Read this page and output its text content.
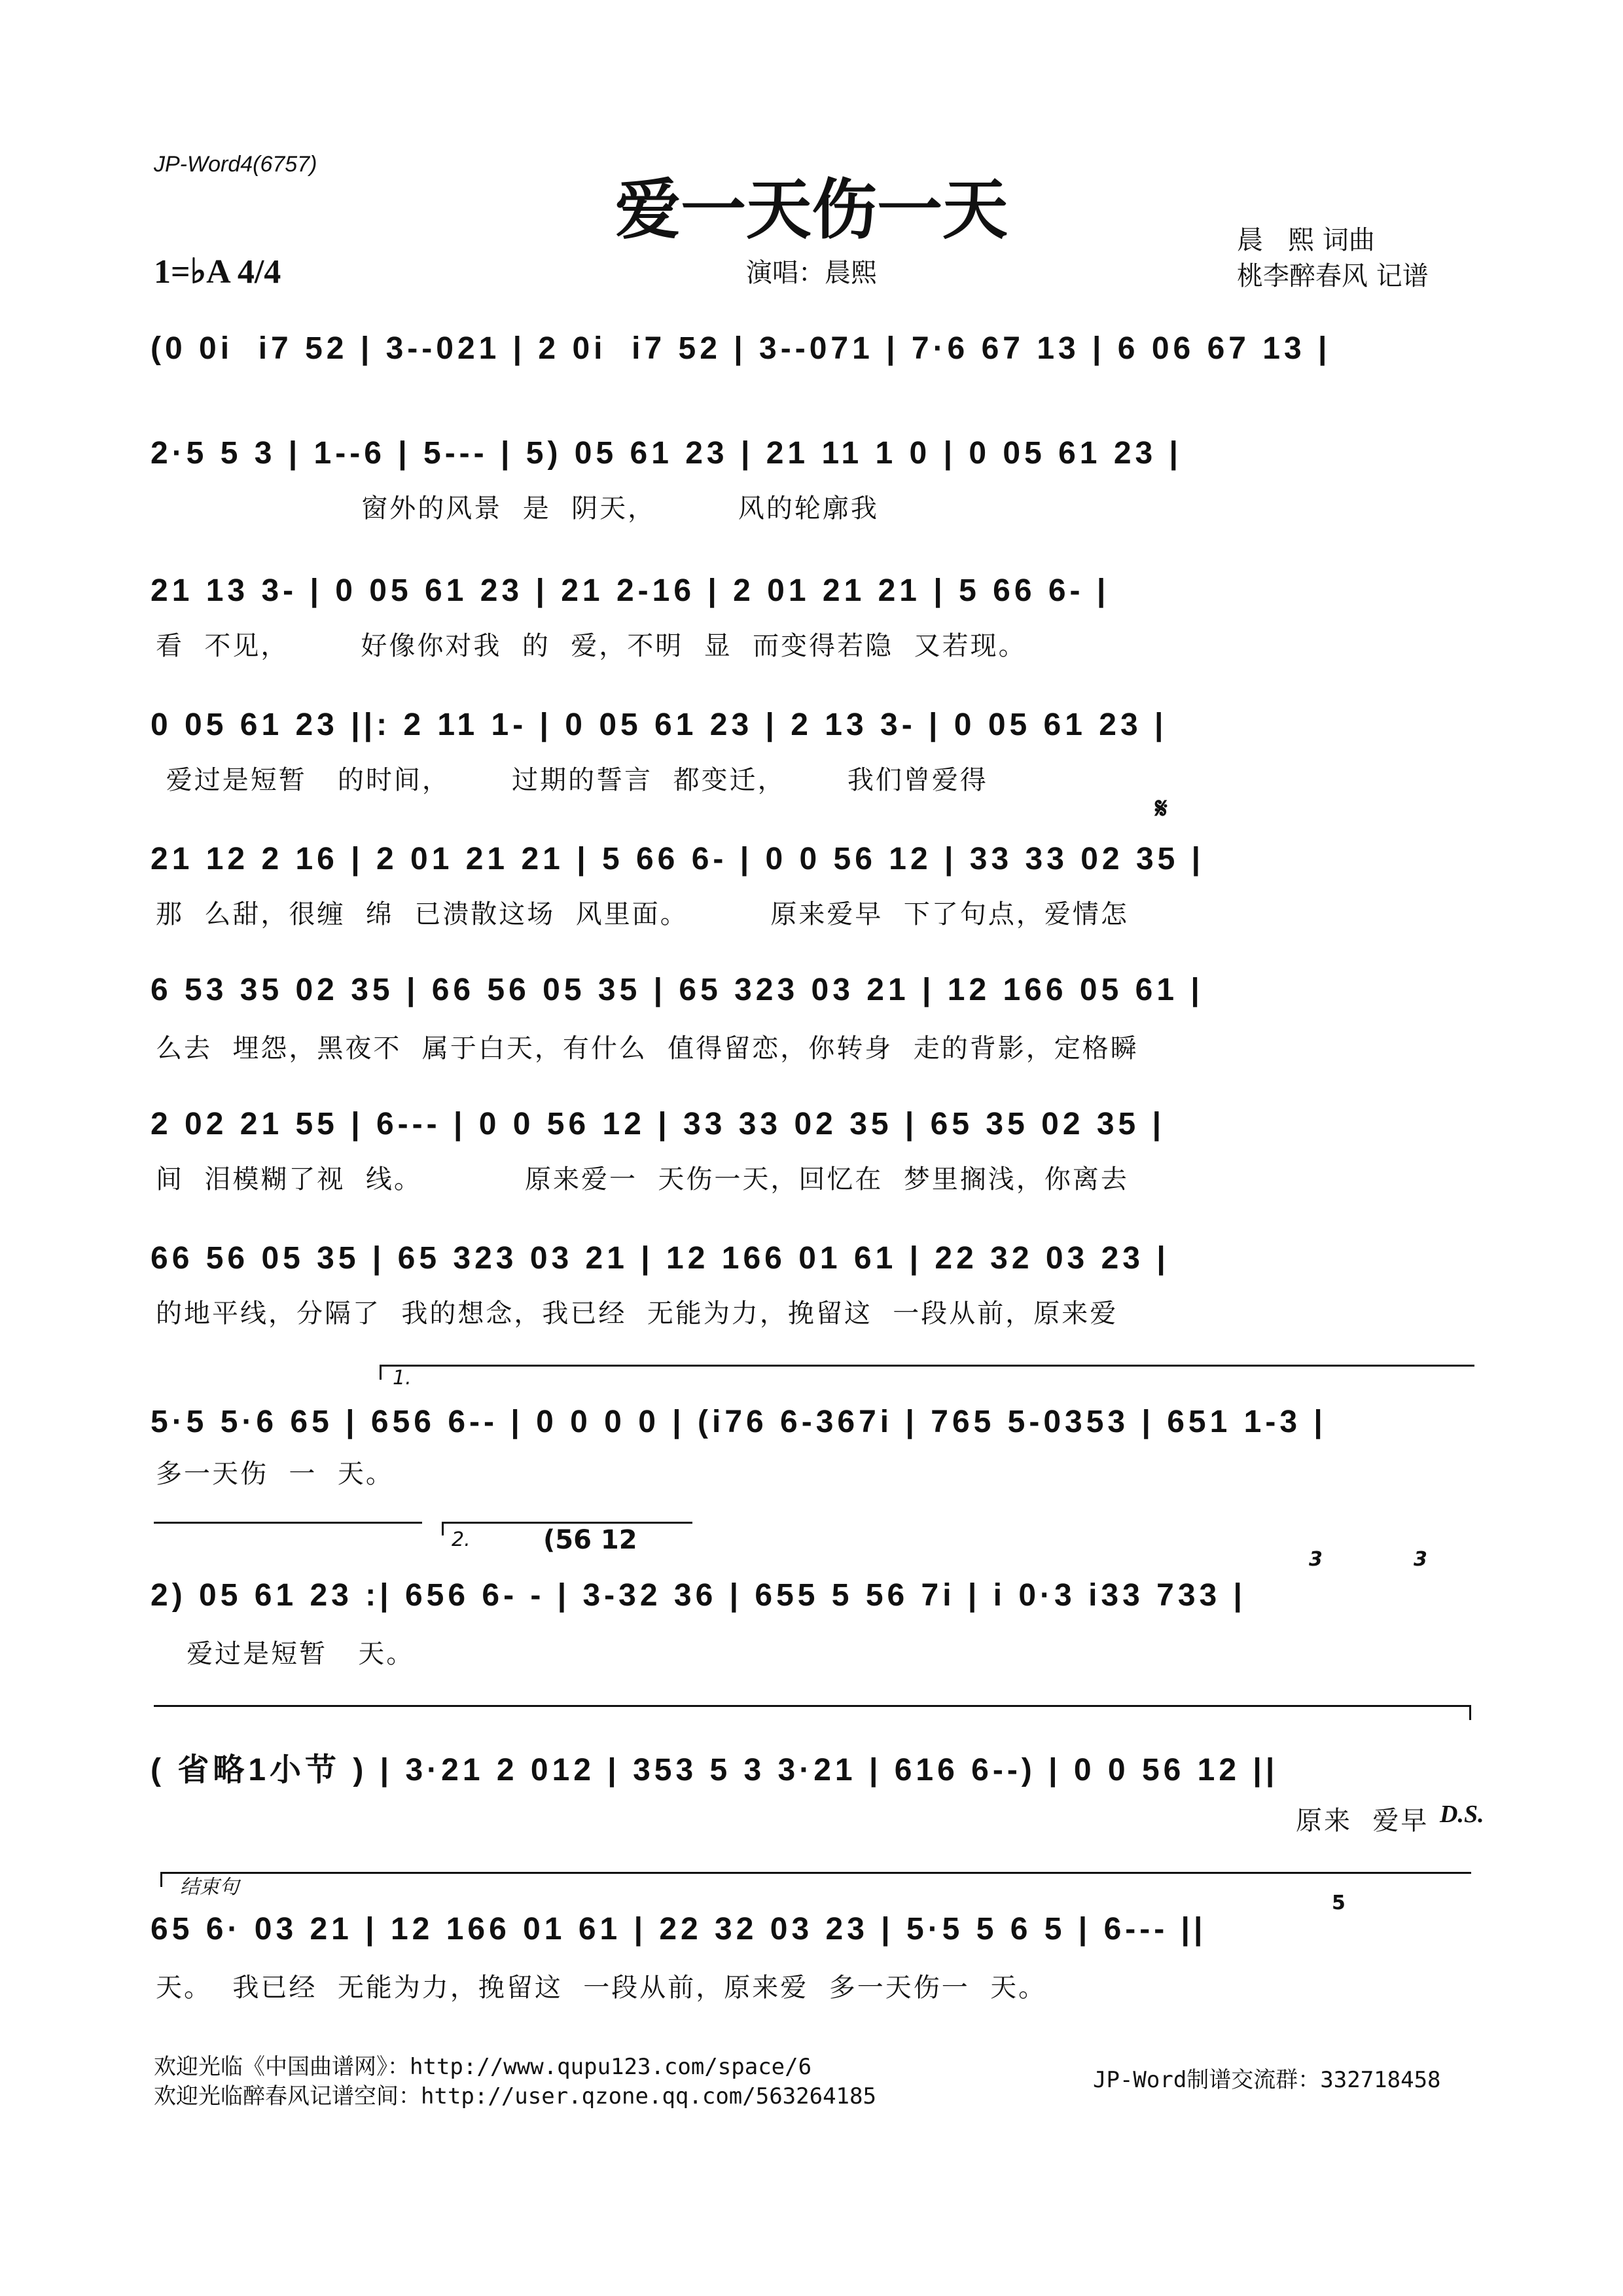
JP-Word4(6757)
爱一天伤一天
1=♭A 4/4	演唱：晨熙
晨   熙 词曲
桃李醉春风 记谱
(0 0i  i7 52 | 3--021 | 2 0i  i7 52 | 3--071 | 7·6 67 13 | 6 06 67 13 |
2·5 5 3 | 1--6 | 5--- | 5) 05 61 23 | 21 11 1 0 | 0 05 61 23 |
窗外的风景  是  阴天，        风的轮廓我
21 13 3- | 0 05 61 23 | 21 2-16 | 2 01 21 21 | 5 66 6- |
看  不见，       好像你对我  的  爱，不明  显  而变得若隐  又若现。
0 05 61 23 ||: 2 11 1- | 0 05 61 23 | 2 13 3- | 0 05 61 23 |
爱过是短暂   的时间，      过期的誓言  都变迁，      我们曾爱得
𝄋
21 12 2 16 | 2 01 21 21 | 5 66 6- | 0 0 56 12 | 33 33 02 35 |
那  么甜，很缠  绵  已溃散这场  风里面。        原来爱早  下了句点，爱情怎
6 53 35 02 35 | 66 56 05 35 | 65 323 03 21 | 12 166 05 61 |
么去  埋怨，黑夜不  属于白天，有什么  值得留恋，你转身  走的背影，定格瞬
2 02 21 55 | 6--- | 0 0 56 12 | 33 33 02 35 | 65 35 02 35 |
间  泪模糊了视  线。          原来爱一  天伤一天，回忆在  梦里搁浅，你离去
66 56 05 35 | 65 323 03 21 | 12 166 01 61 | 22 32 03 23 |
的地平线，分隔了  我的想念，我已经  无能为力，挽留这  一段从前，原来爱
1.
5·5 5·6 65 | 656 6-- | 0 0 0 0 | (i76 6-367i | 765 5-0353 | 651 1-3 |
多一天伤  一  天。
2.	(56 12
3	3
2) 05 61 23 :| 656 6- - | 3-32 36 | 655 5 56 7i | i 0·3 i33 733 |
爱过是短暂   天。
( 省略1小节 ) | 3·21 2 012 | 353 5 3 3·21 | 616 6--) | 0 0 56 12 ||
原来  爱早 D.S.
结束句
5
65 6· 03 21 | 12 166 01 61 | 22 32 03 23 | 5·5 5 6 5 | 6--- ||
天。  我已经  无能为力，挽留这  一段从前，原来爱  多一天伤一  天。
欢迎光临《中国曲谱网》：http://www.qupu123.com/space/6
欢迎光临醉春风记谱空间：http://user.qzone.qq.com/563264185
JP-Word制谱交流群：332718458
